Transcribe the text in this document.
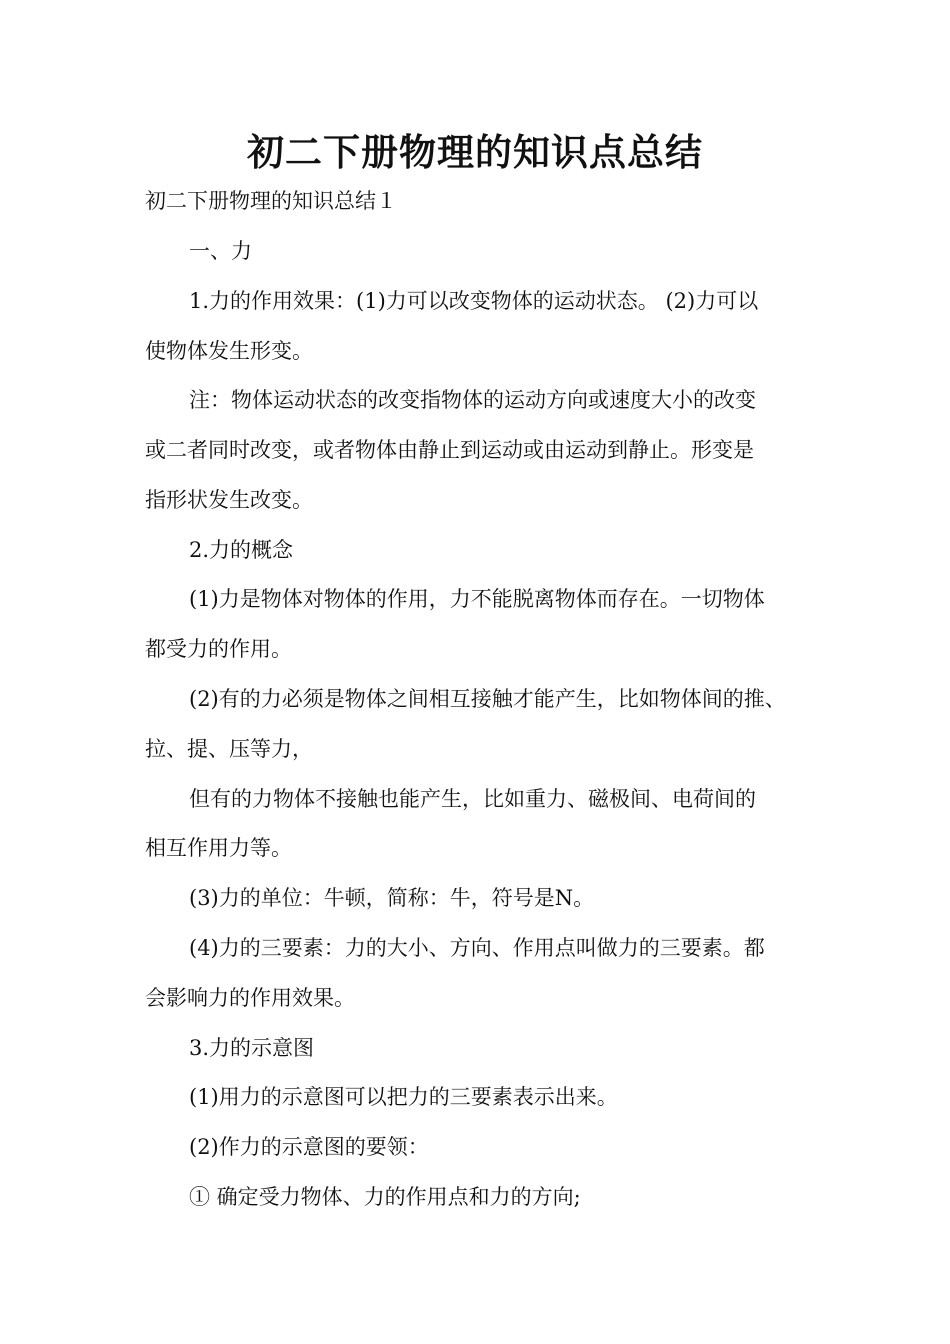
初二下册物理的知识点总结
初二下册物理的知识总结１
一、力
1.力的作用效果：(1)力可以改变物体的运动状态。 (2)力可以
使物体发生形变。
注：物体运动状态的改变指物体的运动方向或速度大小的改变
或二者同时改变，或者物体由静止到运动或由运动到静止。形变是
指形状发生改变。
2.力的概念
(1)力是物体对物体的作用，力不能脱离物体而存在。一切物体
都受力的作用。
(2)有的力必须是物体之间相互接触才能产生，比如物体间的推、
拉、提、压等力，
但有的力物体不接触也能产生，比如重力、磁极间、电荷间的
相互作用力等。
(3)力的单位：牛顿，简称：牛，符号是N。
(4)力的三要素：力的大小、方向、作用点叫做力的三要素。都
会影响力的作用效果。
3.力的示意图
(1)用力的示意图可以把力的三要素表示出来。
(2)作力的示意图的要领：
① 确定受力物体、力的作用点和力的方向;
